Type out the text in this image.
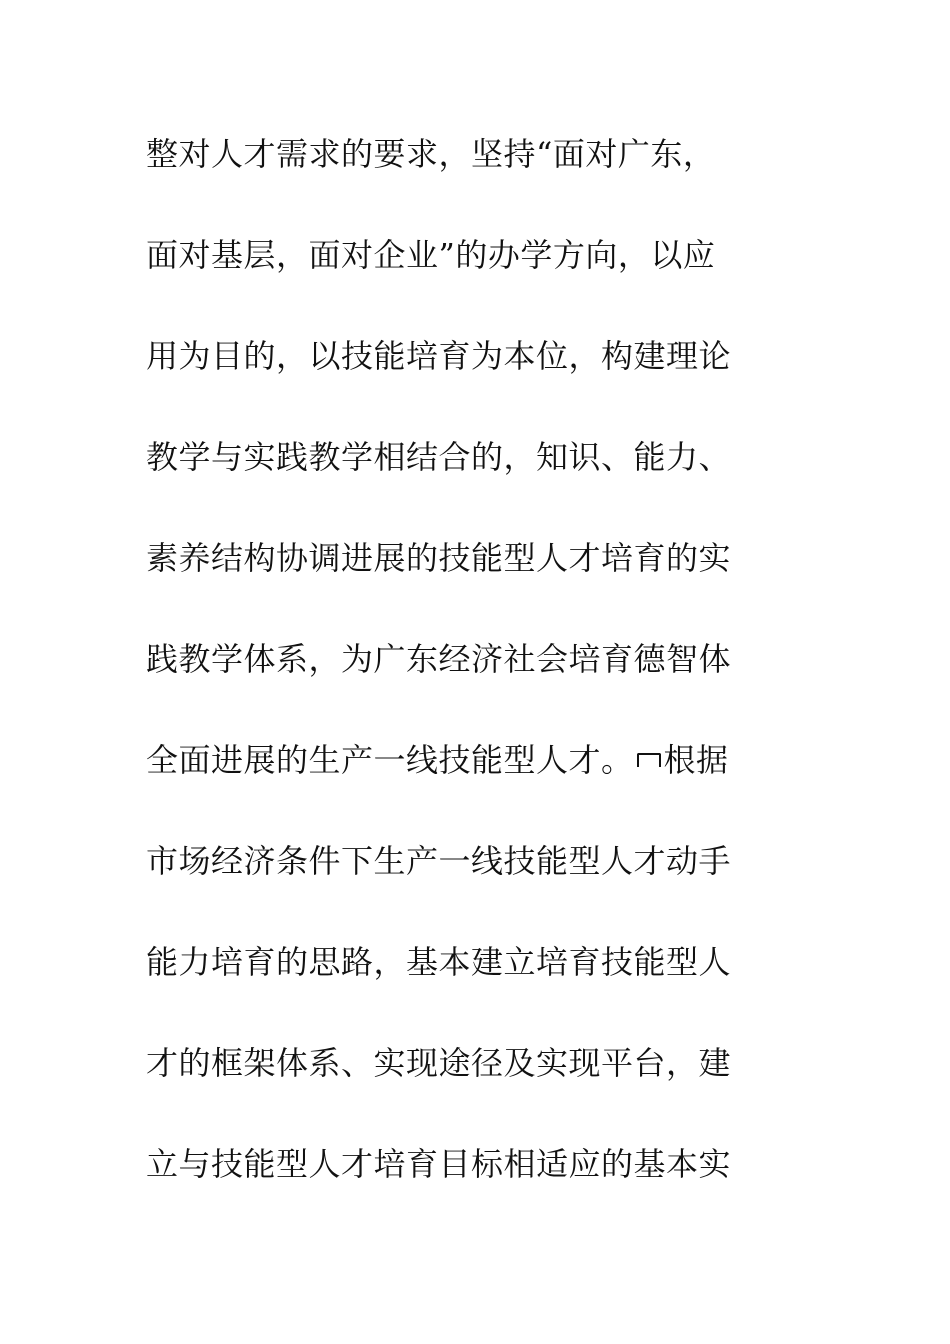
整对人才需求的要求，坚持“面对广东，
面对基层，面对企业”的办学方向，以应
用为目的，以技能培育为本位，构建理论
教学与实践教学相结合的，知识、能力、
素养结构协调进展的技能型人才培育的实
践教学体系，为广东经济社会培育德智体
全面进展的生产一线技能型人才。 根据
市场经济条件下生产一线技能型人才动手
能力培育的思路，基本建立培育技能型人
才的框架体系、实现途径及实现平台，建
立与技能型人才培育目标相适应的基本实
